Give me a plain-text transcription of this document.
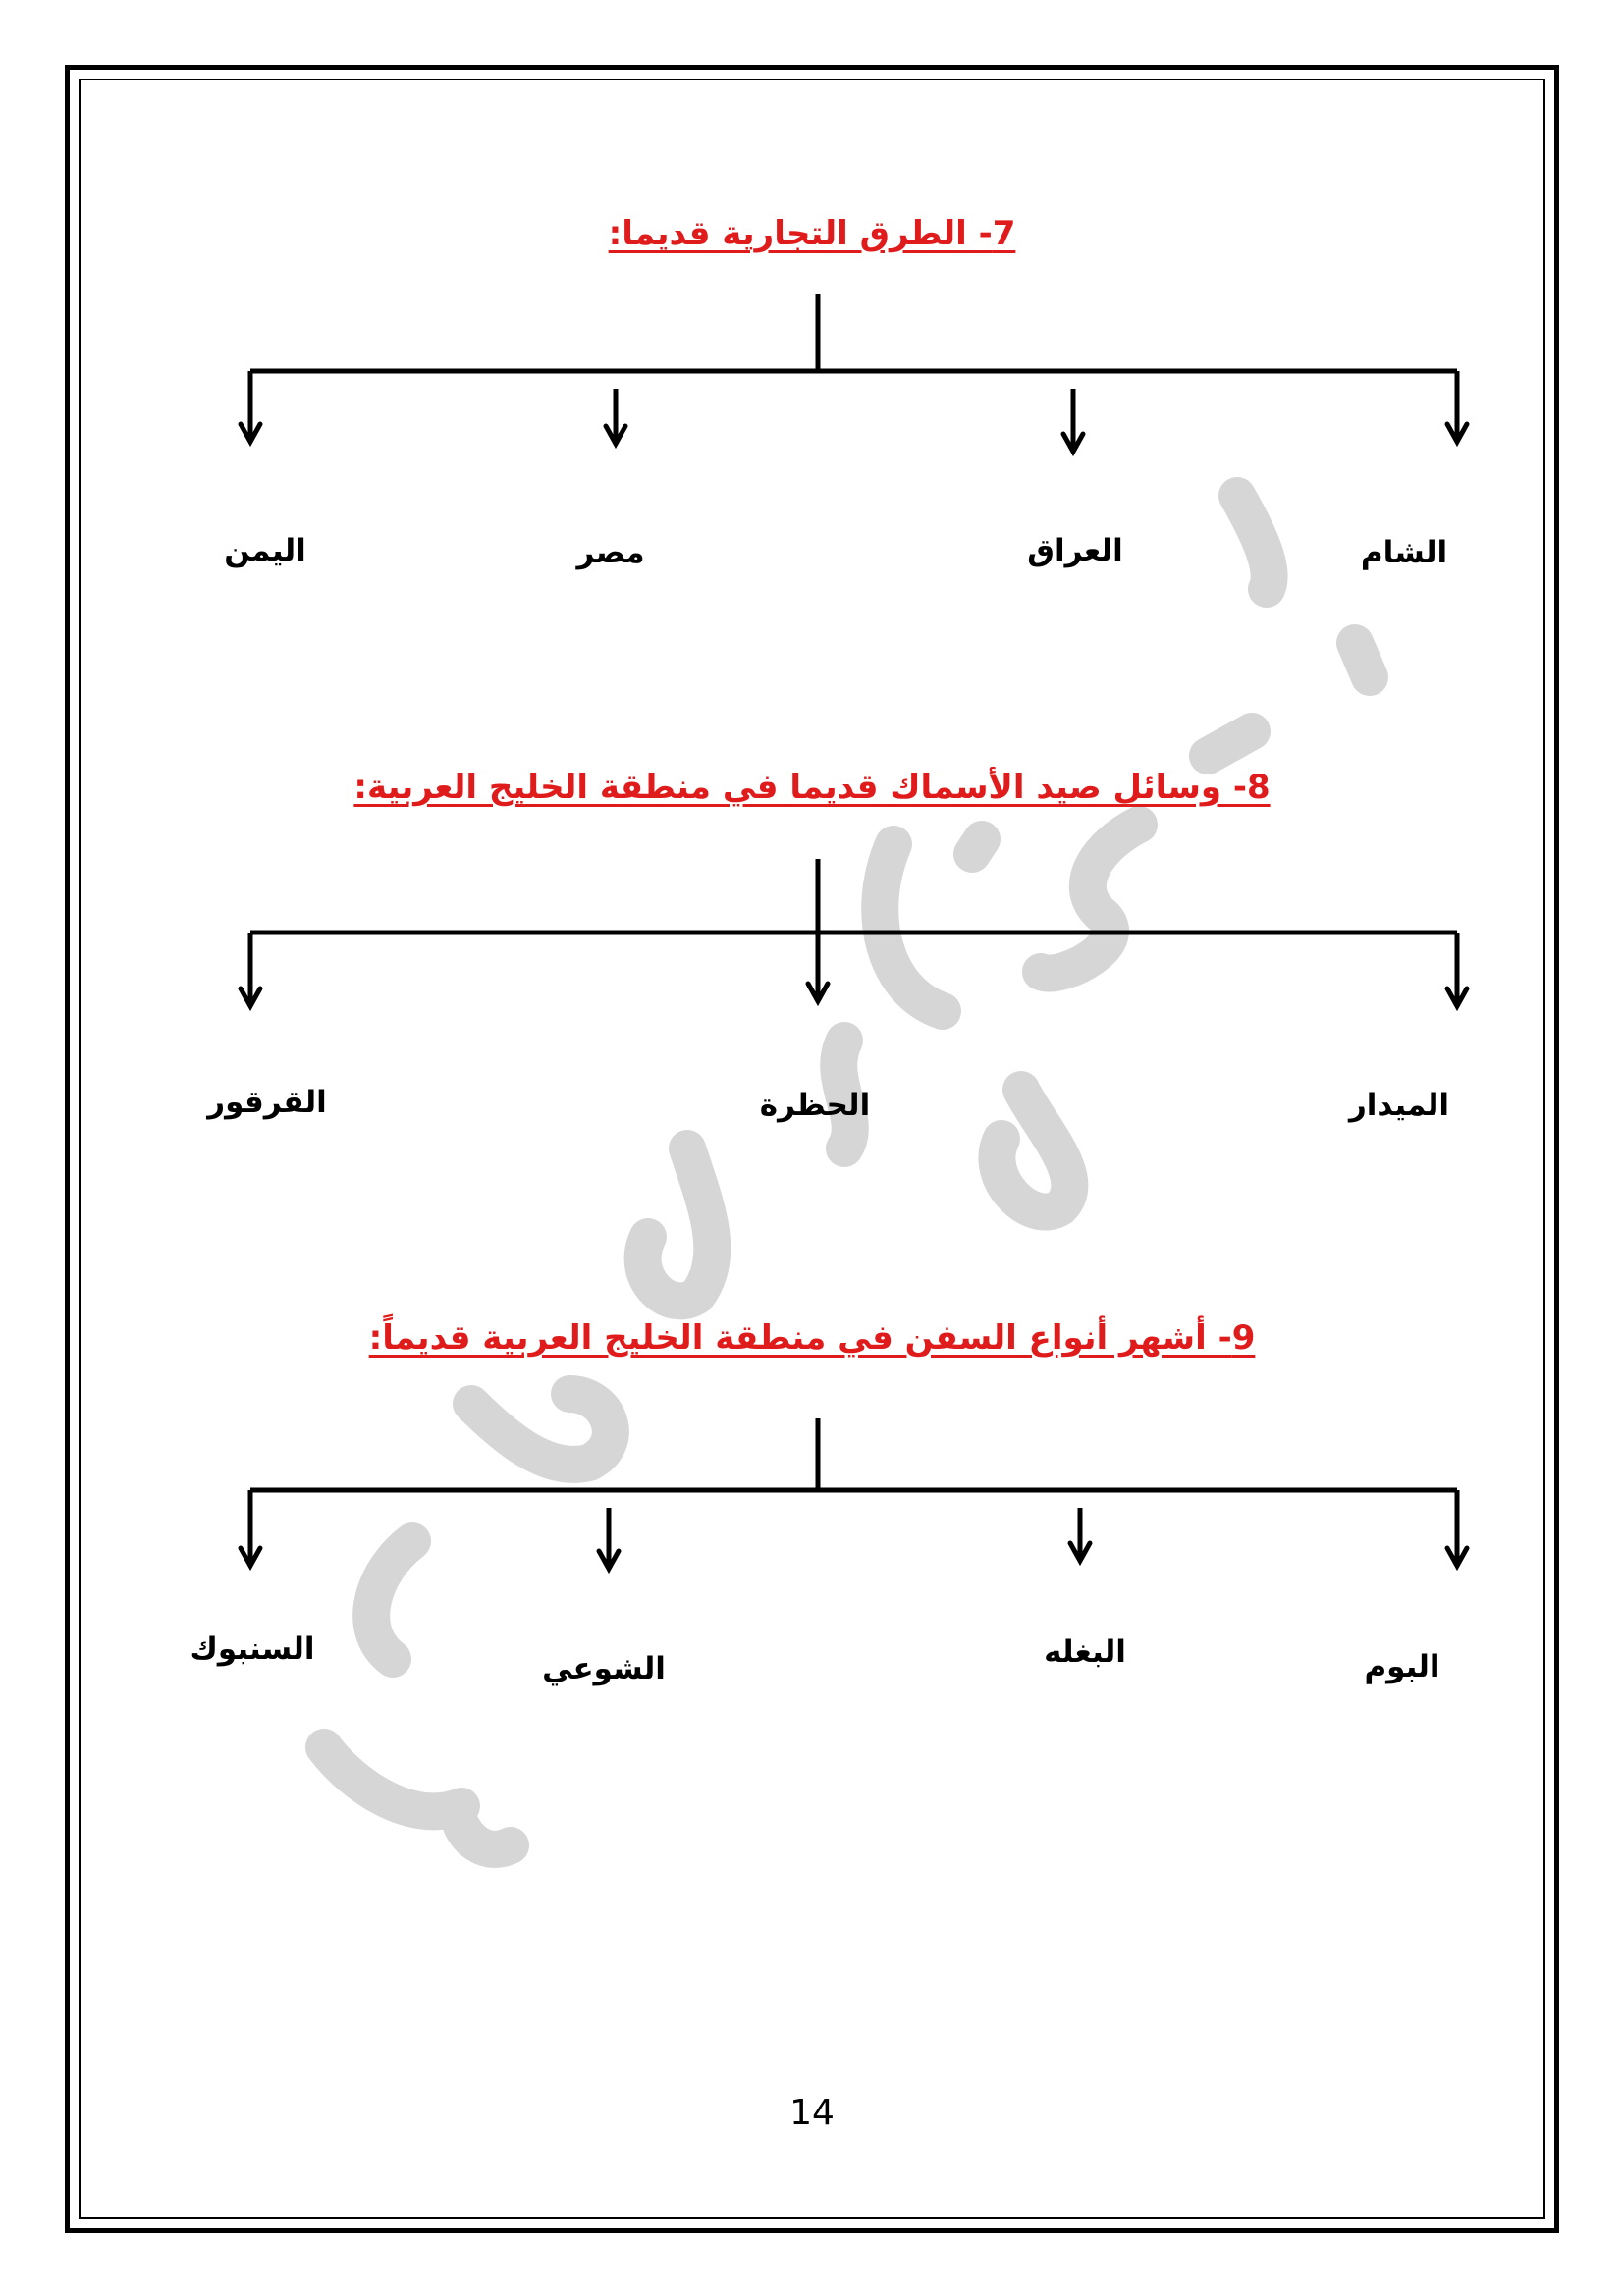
7- الطرق التجارية قديما:
8- وسائل صيد الأسماك قديما في منطقة الخليج العربية:
9- أشهر أنواع السفن في منطقة الخليج العربية قديماً:
الشام
العراق
مصر
اليمن
الميدار
الحظرة
القرقور
البوم
البغله
الشوعي
السنبوك
14
